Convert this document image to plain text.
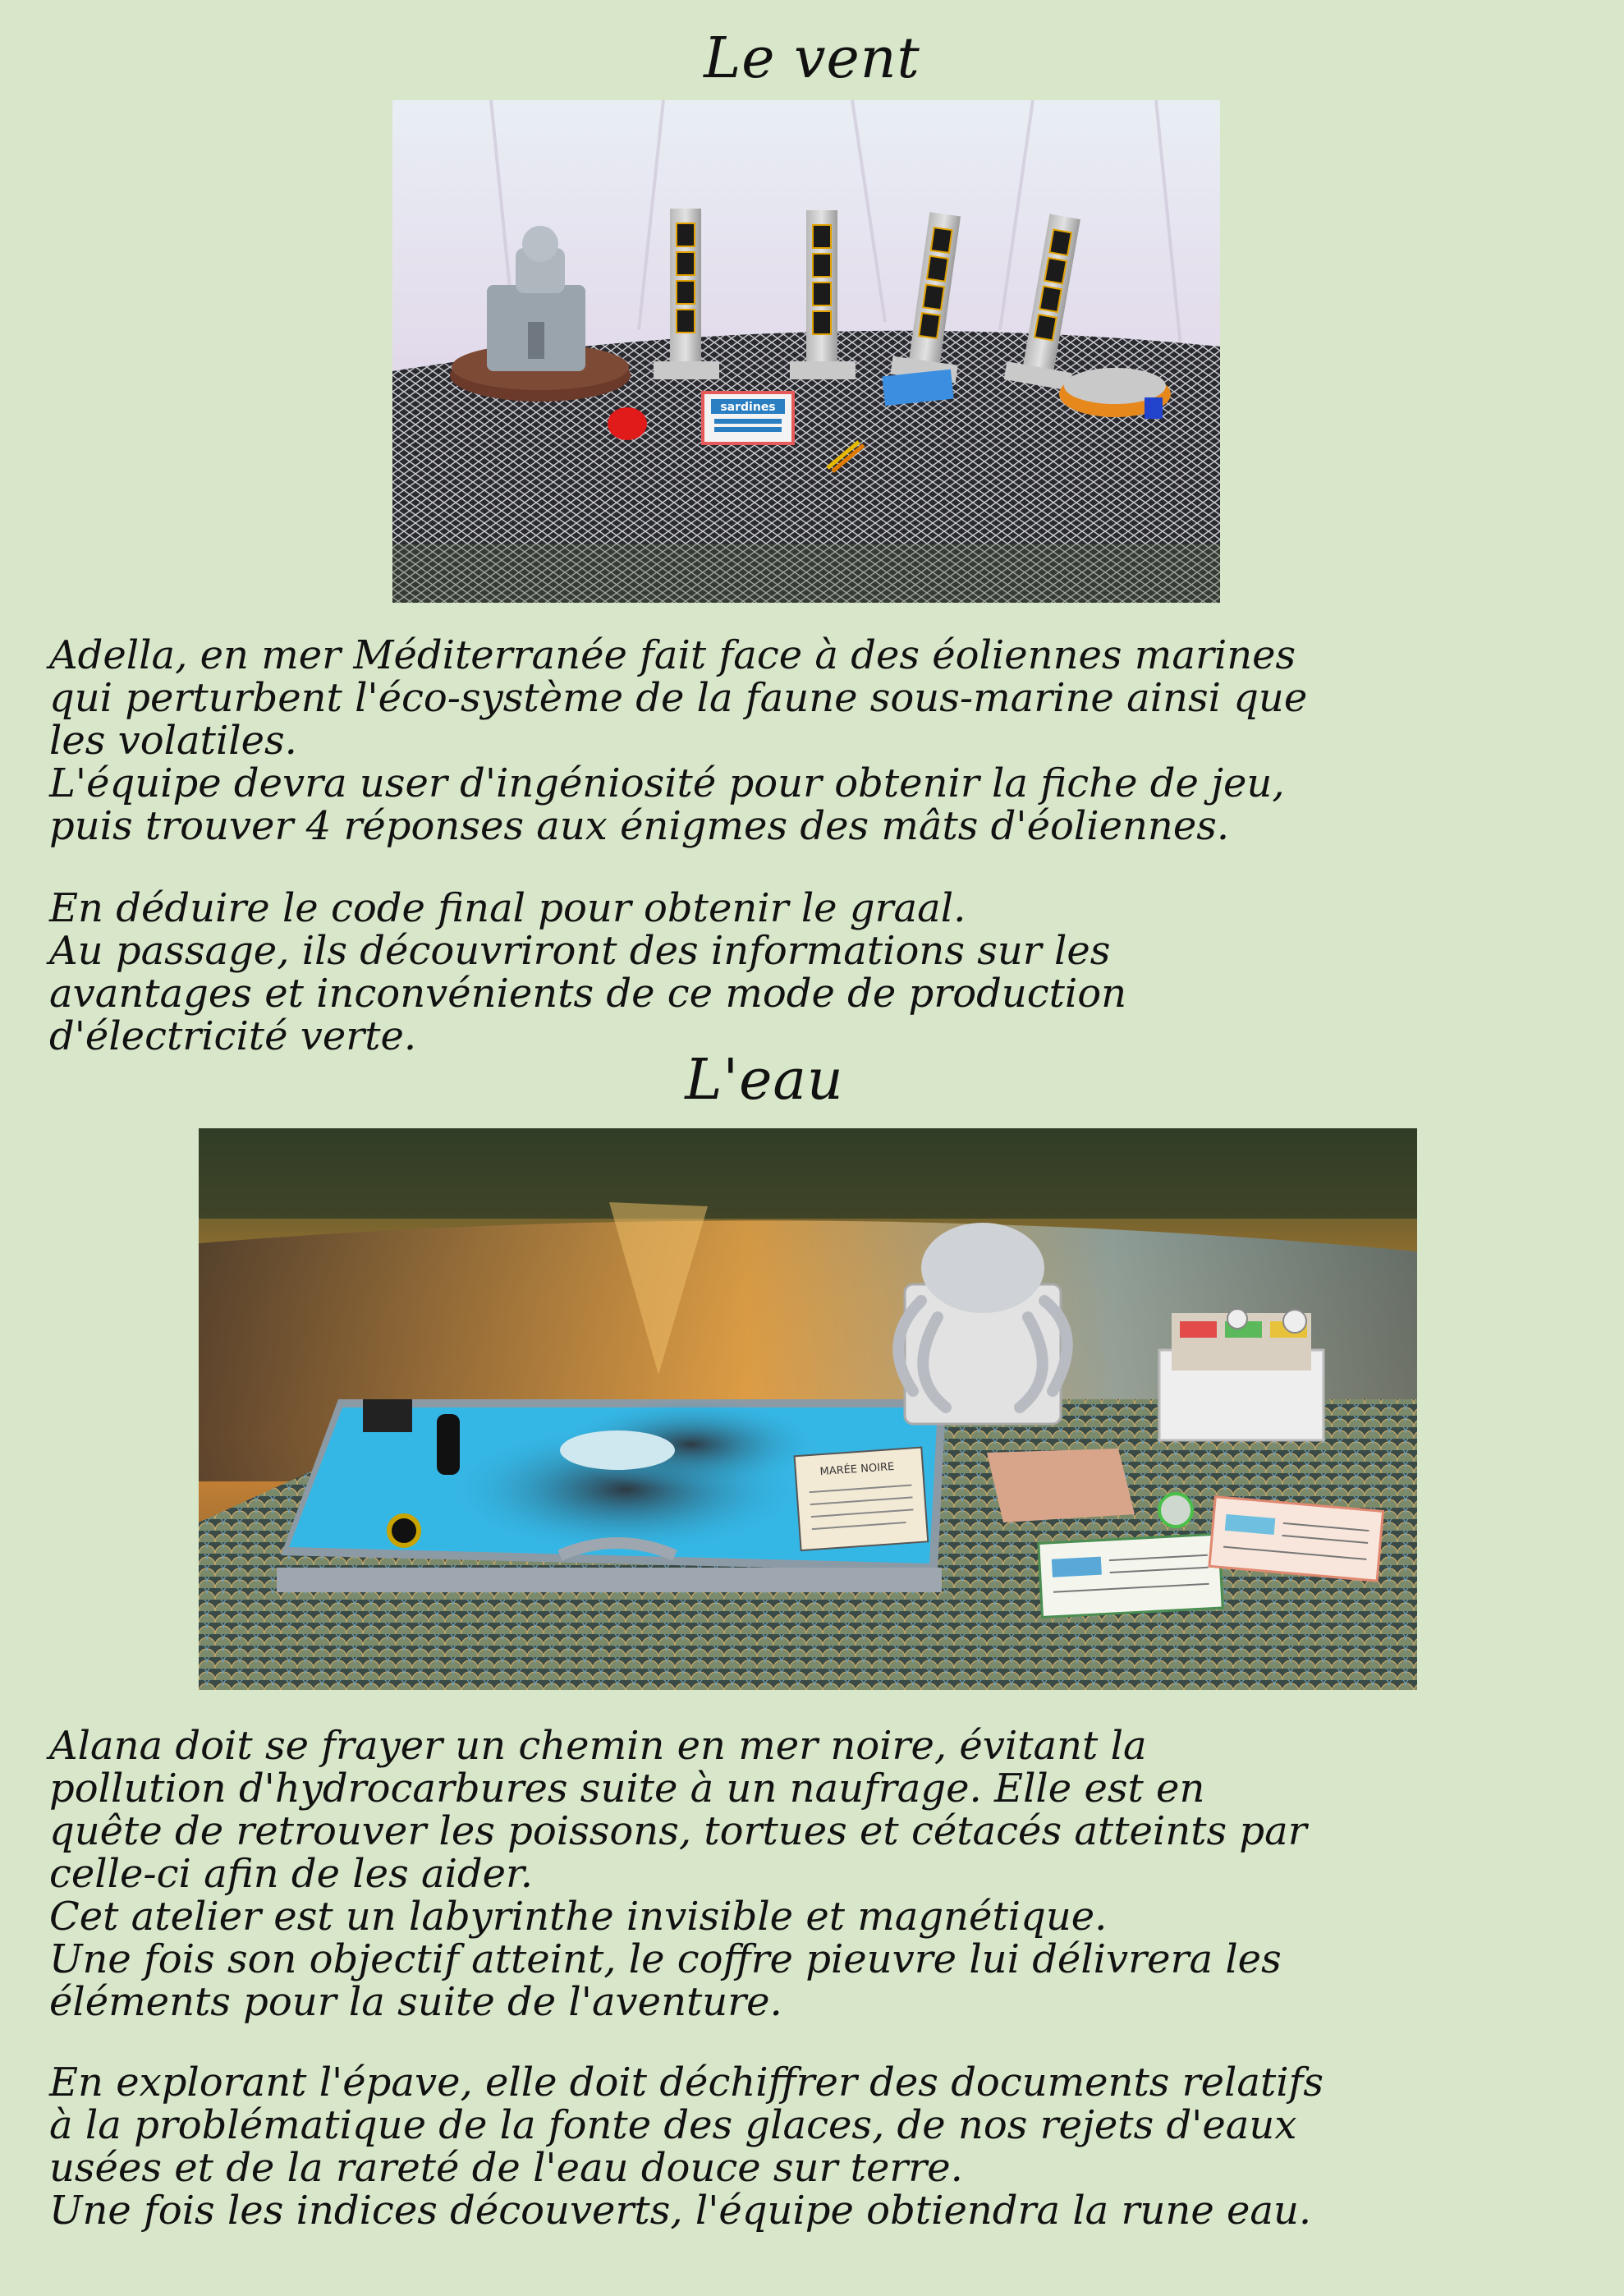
Le vent
sardines
Adella, en mer Méditerranée fait face à des éoliennes marines
qui perturbent l'éco-système de la faune sous-marine ainsi que
les volatiles.
L'équipe devra user d'ingéniosité pour obtenir la fiche de jeu,
puis trouver 4 réponses aux énigmes des mâts d'éoliennes.
En déduire le code final pour obtenir le graal.
Au passage, ils découvriront des informations sur les
avantages et inconvénients de ce mode de production
d'électricité verte.
L'eau
MARÉE NOIRE
Alana doit se frayer un chemin en mer noire, évitant la
pollution d'hydrocarbures suite à un naufrage. Elle est en
quête de retrouver les poissons, tortues et cétacés atteints par
celle-ci afin de les aider.
Cet atelier est un labyrinthe invisible et magnétique.
Une fois son objectif atteint, le coffre pieuvre lui délivrera les
éléments pour la suite de l'aventure.
En explorant l'épave, elle doit déchiffrer des documents relatifs
à la problématique de la fonte des glaces, de nos rejets d'eaux
usées et de la rareté de l'eau douce sur terre.
Une fois les indices découverts, l'équipe obtiendra la rune eau.
